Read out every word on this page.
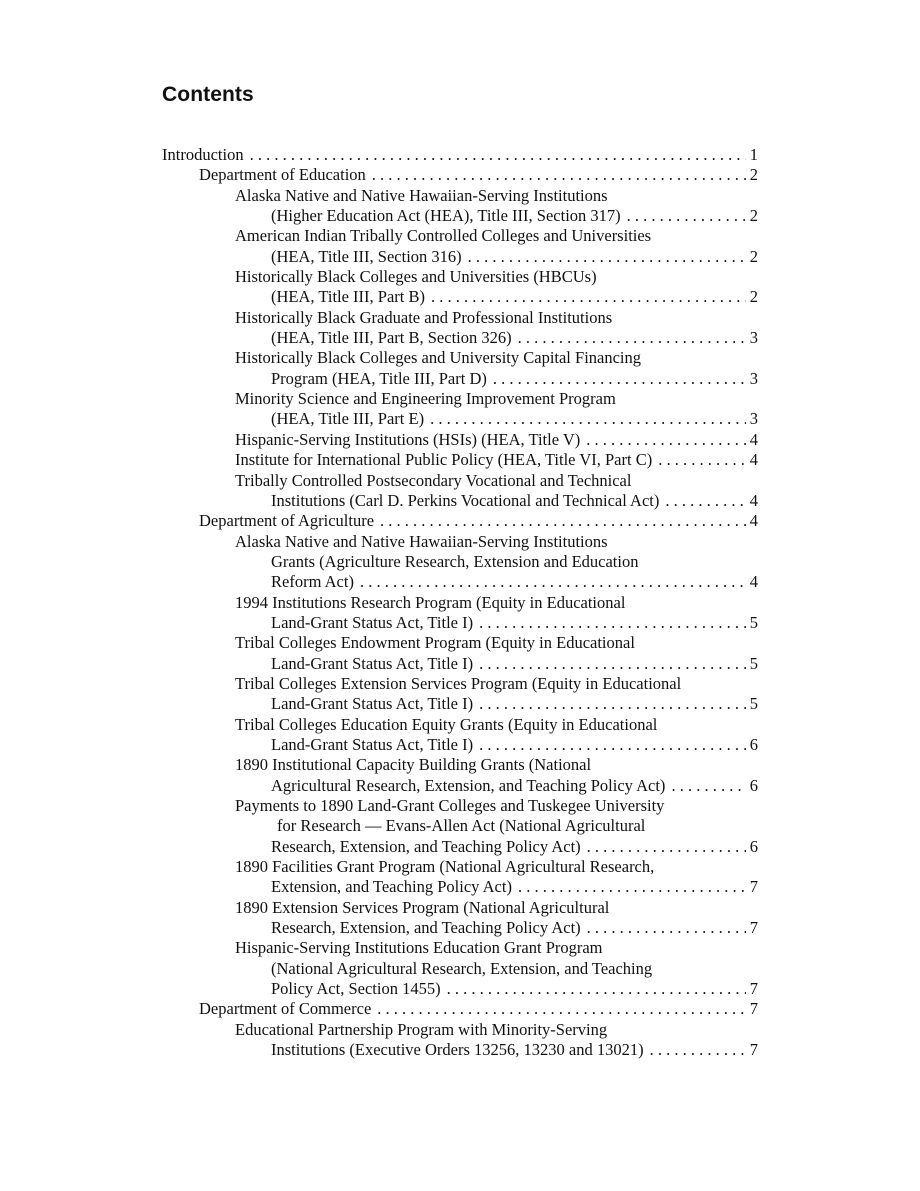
Contents
Introduction . . .	1
Department of Education . . .	2
Alaska Native and Native Hawaiian-Serving Institutions
(Higher Education Act (HEA), Title III, Section 317) . . .	2
American Indian Tribally Controlled Colleges and Universities
(HEA, Title III, Section 316) . . .	2
Historically Black Colleges and Universities (HBCUs)
(HEA, Title III, Part B) . . .	2
Historically Black Graduate and Professional Institutions
(HEA, Title III, Part B, Section 326) . . .	3
Historically Black Colleges and University Capital Financing
Program (HEA, Title III, Part D) . . .	3
Minority Science and Engineering Improvement Program
(HEA, Title III, Part E) . . .	3
Hispanic-Serving Institutions (HSIs) (HEA, Title V) . . .	4
Institute for International Public Policy (HEA, Title VI, Part C) . . .	4
Tribally Controlled Postsecondary Vocational and Technical
Institutions (Carl D. Perkins Vocational and Technical Act) . . .	4
Department of Agriculture . . .	4
Alaska Native and Native Hawaiian-Serving Institutions
Grants (Agriculture Research, Extension and Education
Reform Act) . . .	4
1994 Institutions Research Program (Equity in Educational
Land-Grant Status Act, Title I) . . .	5
Tribal Colleges Endowment Program (Equity in Educational
Land-Grant Status Act, Title I) . . .	5
Tribal Colleges Extension Services Program (Equity in Educational
Land-Grant Status Act, Title I) . . .	5
Tribal Colleges Education Equity Grants (Equity in Educational
Land-Grant Status Act, Title I) . . .	6
1890 Institutional Capacity Building Grants (National
Agricultural Research, Extension, and Teaching Policy Act) . . .	6
Payments to 1890 Land-Grant Colleges and Tuskegee University
for Research — Evans-Allen Act (National Agricultural
Research, Extension, and Teaching Policy Act) . . .	6
1890 Facilities Grant Program (National Agricultural Research,
Extension, and Teaching Policy Act) . . .	7
1890 Extension Services Program (National Agricultural
Research, Extension, and Teaching Policy Act) . . .	7
Hispanic-Serving Institutions Education Grant Program
(National Agricultural Research, Extension, and Teaching
Policy Act, Section 1455) . . .	7
Department of Commerce . . .	7
Educational Partnership Program with Minority-Serving
Institutions (Executive Orders 13256, 13230 and 13021) . . .	7
